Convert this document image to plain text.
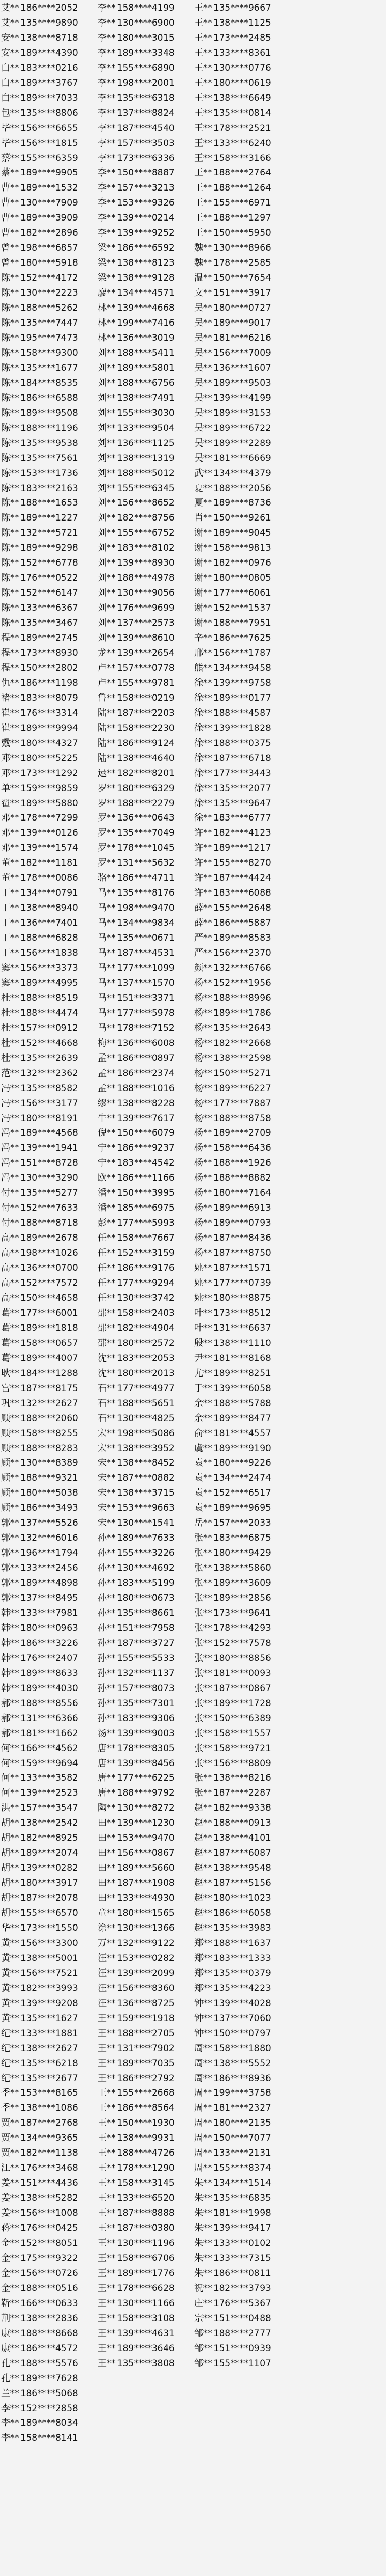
艾** 186****2052
艾** 135****9890
安** 138****8718
安** 189****4390
白** 183****0216
白** 189****3767
白** 189****7033
包** 135****8806
毕** 156****6655
毕** 156****1815
蔡** 155****6359
蔡** 189****9905
曹** 189****1532
曹** 130****7909
曹** 189****3909
曹** 182****2896
曾** 198****6857
曾** 180****5918
陈** 152****4172
陈** 130****2223
陈** 188****5262
陈** 135****7447
陈** 195****7473
陈** 158****9300
陈** 135****1677
陈** 184****8535
陈** 186****6588
陈** 189****9508
陈** 188****1196
陈** 135****9538
陈** 135****7561
陈** 153****1736
陈** 183****2163
陈** 188****1653
陈** 189****1227
陈** 132****5721
陈** 189****9298
陈** 152****6778
陈** 176****0522
陈** 152****6147
陈** 133****6367
陈** 135****3467
程** 189****2745
程** 173****8930
程** 150****2802
仇** 186****1198
褚** 183****8079
崔** 176****3314
崔** 189****9994
戴** 180****4327
邓** 180****5225
邓** 173****1292
单** 159****9859
翟** 189****5880
邓** 178****7299
邓** 139****0126
邓** 139****1574
董** 182****1181
董** 178****0086
丁** 134****0791
丁** 138****8940
丁** 136****7401
丁** 188****6828
丁** 156****1838
窦** 156****3373
窦** 189****4995
杜** 188****8519
杜** 188****4474
杜** 157****0912
杜** 152****4668
杜** 135****2639
范** 132****2362
冯** 135****8582
冯** 156****3177
冯** 180****8191
冯** 189****4568
冯** 139****1941
冯** 151****8728
冯** 130****3290
付** 135****5277
付** 152****7633
付** 188****8718
高** 189****2678
高** 198****1026
高** 136****0700
高** 152****7572
高** 150****4658
葛** 177****6001
葛** 189****1818
葛** 158****0657
葛** 189****4007
耿** 184****1288
宫** 187****8175
巩** 132****2627
顾** 188****2060
顾** 158****8255
顾** 188****8283
顾** 130****8389
顾** 188****9321
顾** 180****5038
顾** 186****3493
郭** 137****5526
郭** 132****6016
郭** 196****1794
郭** 133****2456
郭** 189****4898
郭** 137****8495
韩** 133****7981
韩** 180****0963
韩** 186****3226
韩** 176****2407
韩** 189****8633
韩** 189****4030
郝** 188****8556
郝** 131****6366
郝** 181****1662
何** 166****4562
何** 159****9694
何** 133****3582
何** 139****2523
洪** 157****3547
胡** 138****2542
胡** 182****8925
胡** 189****2074
胡** 139****0282
胡** 180****3917
胡** 187****2078
胡** 155****6570
华** 173****1550
黄** 156****3300
黄** 138****5001
黄** 156****7521
黄** 182****3993
黄** 139****9208
黄** 135****1627
纪** 133****1881
纪** 138****2627
纪** 135****6218
纪** 135****2677
季** 153****8165
季** 138****1086
贾** 187****2768
贾** 134****9365
贾** 182****1138
江** 176****3468
姜** 151****4436
姜** 138****5282
姜** 156****1008
蒋** 176****0425
金** 152****8051
金** 175****9322
金** 156****0726
金** 188****0516
靳** 166****0633
荆** 138****2836
康** 188****8668
康** 186****4572
孔** 188****5576
孔** 189****7628
兰** 186****5068
李** 152****2858
李** 189****8034
李** 158****8141
李** 158****4199
李** 130****6900
李** 180****3015
李** 189****3348
李** 155****6890
李** 198****2001
李** 135****6318
李** 137****8824
李** 187****4540
李** 157****3503
李** 173****6336
李** 150****8887
李** 157****3213
李** 153****9326
李** 139****0214
李** 139****9252
梁** 186****6592
梁** 138****8123
梁** 138****9128
廖** 134****4571
林** 139****4668
林** 199****7416
林** 136****3019
刘** 188****5411
刘** 189****5801
刘** 188****6756
刘** 138****7491
刘** 155****3030
刘** 133****9504
刘** 136****1125
刘** 138****1319
刘** 188****5012
刘** 155****6345
刘** 156****8652
刘** 182****8756
刘** 155****6752
刘** 183****8102
刘** 139****8930
刘** 188****4978
刘** 130****9056
刘** 176****9699
刘** 137****2573
刘** 139****8610
龙** 139****2654
卢** 157****0778
卢** 155****9781
鲁** 158****0219
陆** 187****2203
陆** 158****2230
陆** 186****9124
陆** 138****4640
逯** 182****8201
罗** 180****6329
罗** 188****2279
罗** 136****0643
罗** 135****7049
罗** 178****1045
罗** 131****5632
骆** 186****4711
马** 135****8176
马** 198****9470
马** 134****9834
马** 135****0671
马** 187****4531
马** 177****1099
马** 137****1570
马** 151****3371
马** 177****5978
马** 178****7152
梅** 136****6008
孟** 186****0897
孟** 186****2374
孟** 188****1016
缪** 138****8228
牛** 139****7617
倪** 150****6079
宁** 186****9237
宁** 183****4542
欧** 186****1166
潘** 150****3995
潘** 185****6975
彭** 177****5993
任** 158****7667
任** 152****3159
任** 186****9176
任** 177****9294
任** 130****3742
邵** 158****2403
邵** 182****4904
邵** 180****2572
沈** 183****2053
沈** 180****2013
石** 177****4977
石** 188****5651
石** 130****4825
宋** 198****5086
宋** 138****3952
宋** 138****8452
宋** 187****0882
宋** 138****3715
宋** 153****9663
宋** 130****1541
孙** 189****7633
孙** 155****3226
孙** 130****4692
孙** 183****5199
孙** 180****0673
孙** 135****8661
孙** 151****7958
孙** 187****3727
孙** 155****5533
孙** 132****1137
孙** 157****8073
孙** 135****7301
孙** 183****9306
汤** 139****9003
唐** 178****8305
唐** 139****8456
唐** 177****6225
唐** 188****9792
陶** 130****8272
田** 139****1230
田** 153****9470
田** 156****0867
田** 189****5660
田** 187****1908
田** 133****4930
童** 180****1565
涂** 130****1366
万** 132****9122
汪** 153****0282
汪** 139****2099
汪** 156****8360
汪** 136****8725
王** 159****1918
王** 188****2705
王** 131****7902
王** 189****7035
王** 186****2792
王** 155****2668
王** 186****8564
王** 150****1930
王** 138****9931
王** 188****4726
王** 178****1290
王** 158****3145
王** 133****6520
王** 187****8888
王** 187****0380
王** 130****1196
王** 158****6706
王** 189****1776
王** 178****6628
王** 130****1166
王** 158****3108
王** 139****4631
王** 189****3646
王** 135****3808
王** 135****9667
王** 138****1125
王** 173****2485
王** 133****8361
王** 130****0776
王** 180****0619
王** 138****6649
王** 135****0814
王** 178****2521
王** 133****6240
王** 158****3166
王** 188****2764
王** 188****1264
王** 155****6971
王** 188****1297
王** 150****5950
魏** 130****8966
魏** 178****2585
温** 150****7654
文** 151****3917
吴** 180****0727
吴** 189****9017
吴** 181****6216
吴** 156****7009
吴** 136****1607
吴** 189****9503
吴** 139****4199
吴** 189****3153
吴** 189****6722
吴** 189****2289
吴** 181****6669
武** 134****4379
夏** 188****2056
夏** 189****8736
肖** 150****9261
谢** 189****9045
谢** 158****9813
谢** 182****0976
谢** 180****0805
谢** 177****6061
谢** 152****1537
谢** 188****7951
辛** 186****7625
邢** 156****1787
熊** 134****9458
徐** 139****9758
徐** 189****0177
徐** 188****4587
徐** 139****1828
徐** 188****0375
徐** 187****6718
徐** 177****3443
徐** 135****2077
徐** 135****9647
徐** 183****6777
许** 182****4123
许** 189****1217
许** 155****8270
许** 187****4424
许** 183****6088
薛** 155****2648
薛** 186****5887
严** 189****8583
严** 156****2370
颜** 132****6766
杨** 152****1956
杨** 188****8996
杨** 189****1786
杨** 135****2643
杨** 182****2668
杨** 138****2598
杨** 150****5271
杨** 189****6227
杨** 177****7887
杨** 188****8758
杨** 189****2709
杨** 158****6436
杨** 188****1926
杨** 188****8882
杨** 180****7164
杨** 189****6913
杨** 189****0793
杨** 187****8436
杨** 187****8750
姚** 187****1571
姚** 177****0739
姚** 180****8875
叶** 173****8512
叶** 131****6637
殷** 138****1110
尹** 181****8168
尤** 189****8251
于** 139****6058
余** 188****5788
余** 189****8477
俞** 181****4557
虞** 189****9190
袁** 180****9226
袁** 134****2474
袁** 152****6517
袁** 189****9695
岳** 157****2033
张** 183****6875
张** 180****9429
张** 138****5860
张** 189****3609
张** 189****2856
张** 173****9641
张** 178****4293
张** 152****7578
张** 180****8856
张** 181****0093
张** 187****0867
张** 189****1728
张** 150****6389
张** 158****1557
张** 158****9721
张** 156****8809
张** 138****8216
张** 187****2287
赵** 182****9338
赵** 188****0913
赵** 138****4101
赵** 187****6087
赵** 138****9548
赵** 187****5156
赵** 180****1023
赵** 186****6058
赵** 135****3983
郑** 188****1637
郑** 183****1333
郑** 135****0379
郑** 135****4223
钟** 139****4028
钟** 137****7060
钟** 150****0797
周** 158****1880
周** 138****5552
周** 186****8936
周** 199****3758
周** 181****2327
周** 180****2135
周** 150****7077
周** 133****2131
周** 155****8374
朱** 134****1514
朱** 135****6835
朱** 181****1998
朱** 139****9417
朱** 133****0102
朱** 133****7315
朱** 186****0811
祝** 182****3793
庄** 176****5367
宗** 151****0488
邹** 188****2777
邹** 151****0939
邹** 155****1107
